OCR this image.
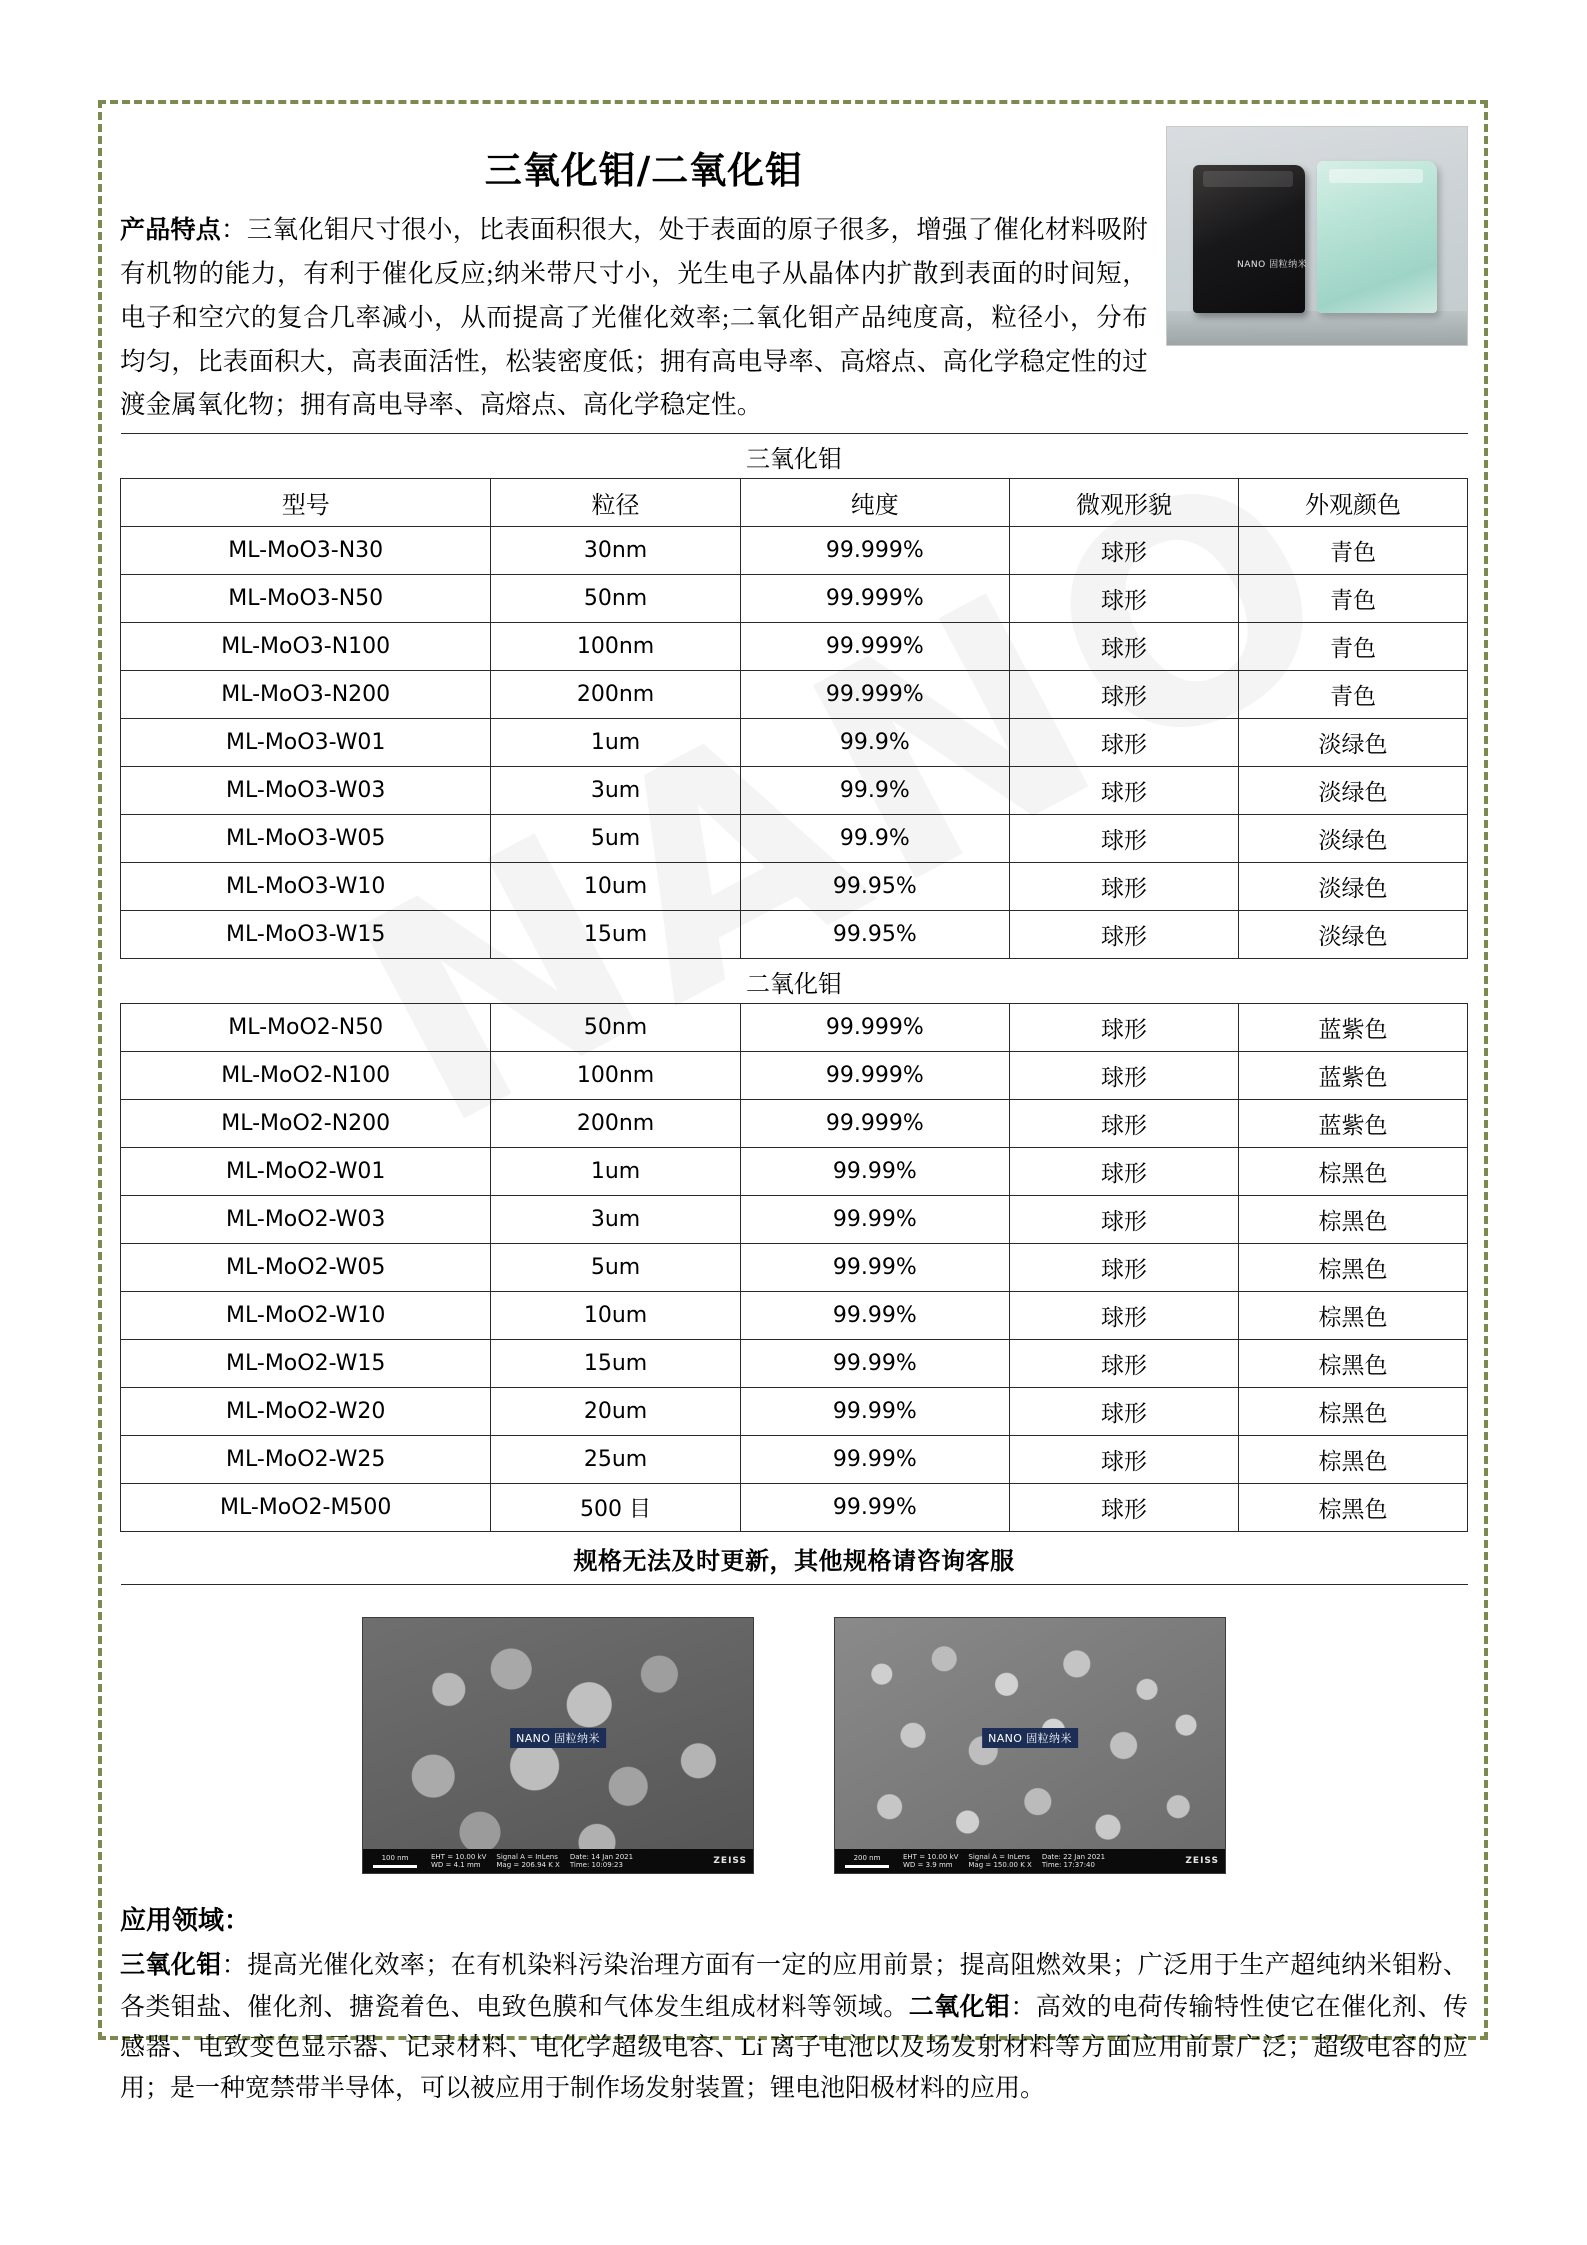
NANO 固粒纳米
三氧化钼/二氧化钼
产品特点：三氧化钼尺寸很小，比表面积很大，处于表面的原子很多，增强了催化材料吸附有机物的能力，有利于催化反应;纳米带尺寸小，光生电子从晶体内扩散到表面的时间短，电子和空穴的复合几率减小，从而提高了光催化效率;二氧化钼产品纯度高，粒径小，分布均匀，比表面积大，高表面活性，松装密度低；拥有高电导率、高熔点、高化学稳定性的过渡金属氧化物；拥有高电导率、高熔点、高化学稳定性。
三氧化钼				
型号	粒径	纯度	微观形貌	外观颜色
ML-MoO3-N30	30nm	99.999%	球形	青色
ML-MoO3-N50	50nm	99.999%	球形	青色
ML-MoO3-N100	100nm	99.999%	球形	青色
ML-MoO3-N200	200nm	99.999%	球形	青色
ML-MoO3-W01	1um	99.9%	球形	淡绿色
ML-MoO3-W03	3um	99.9%	球形	淡绿色
ML-MoO3-W05	5um	99.9%	球形	淡绿色
ML-MoO3-W10	10um	99.95%	球形	淡绿色
ML-MoO3-W15	15um	99.95%	球形	淡绿色
二氧化钼				
ML-MoO2-N50	50nm	99.999%	球形	蓝紫色
ML-MoO2-N100	100nm	99.999%	球形	蓝紫色
ML-MoO2-N200	200nm	99.999%	球形	蓝紫色
ML-MoO2-W01	1um	99.99%	球形	棕黑色
ML-MoO2-W03	3um	99.99%	球形	棕黑色
ML-MoO2-W05	5um	99.99%	球形	棕黑色
ML-MoO2-W10	10um	99.99%	球形	棕黑色
ML-MoO2-W15	15um	99.99%	球形	棕黑色
ML-MoO2-W20	20um	99.99%	球形	棕黑色
ML-MoO2-W25	25um	99.99%	球形	棕黑色
ML-MoO2-M500	500 目	99.99%	球形	棕黑色
规格无法及时更新，其他规格请咨询客服				
NANO 固粒纳米
100 nm	EHT = 10.00 kV
WD = 4.1 mm
Signal A = InLens
Mag = 206.94 K X
Date: 14 Jan 2021
Time: 10:09:23	ZEISS
NANO 固粒纳米
200 nm	EHT = 10.00 kV
WD = 3.9 mm
Signal A = InLens
Mag = 150.00 K X
Date: 22 Jan 2021
Time: 17:37:40	ZEISS
应用领域：
三氧化钼：提高光催化效率；在有机染料污染治理方面有一定的应用前景；提高阻燃效果；广泛用于生产超纯纳米钼粉、各类钼盐、催化剂、搪瓷着色、电致色膜和气体发生组成材料等领域。二氧化钼：高效的电荷传输特性使它在催化剂、传感器、电致变色显示器、记录材料、电化学超级电容、Li 离子电池以及场发射材料等方面应用前景广泛；超级电容的应用；是一种宽禁带半导体，可以被应用于制作场发射装置；锂电池阳极材料的应用。
